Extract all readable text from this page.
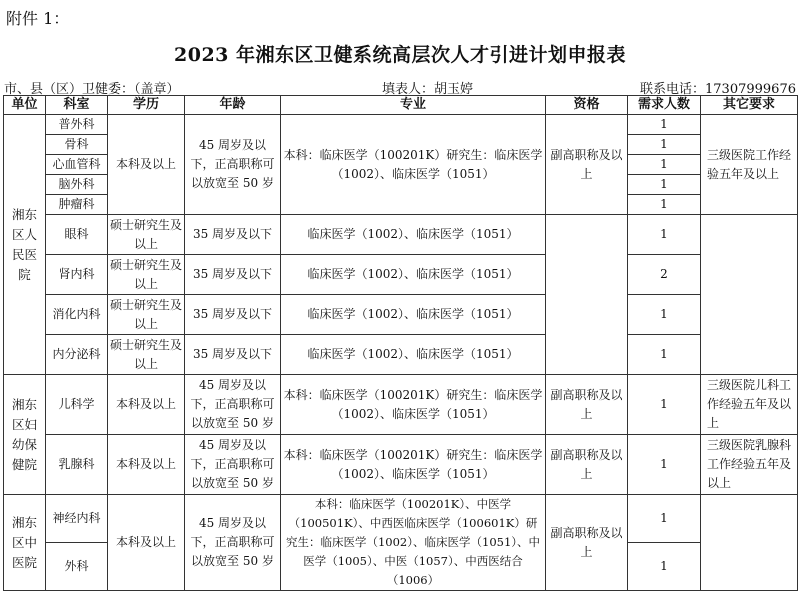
附件 1：
2023 年湘东区卫健系统高层次人才引进计划申报表
市、县（区）卫健委：（盖章）	填表人：胡玉婷	联系电话：17307999676
单位	科室	学历	年龄	专业	资格	需求人数	其它要求
湘东区人民医院	普外科	本科及以上	45 周岁及以下，正高职称可以放宽至 50 岁	本科：临床医学（100201K）研究生：临床医学（1002）、临床医学（1051）	副高职称及以上	1	三级医院工作经验五年及以上
	骨科					1	
	心血管科					1	
	脑外科					1	
	肿瘤科					1	
	眼科	硕士研究生及以上	35 周岁及以下	临床医学（1002）、临床医学（1051）		1	
	肾内科	硕士研究生及以上	35 周岁及以下	临床医学（1002）、临床医学（1051）		2	
	消化内科	硕士研究生及以上	35 周岁及以下	临床医学（1002）、临床医学（1051）		1	
	内分泌科	硕士研究生及以上	35 周岁及以下	临床医学（1002）、临床医学（1051）		1	
湘东区妇幼保健院	儿科学	本科及以上	45 周岁及以下，正高职称可以放宽至 50 岁	本科：临床医学（100201K）研究生：临床医学（1002）、临床医学（1051）	副高职称及以上	1	三级医院儿科工作经验五年及以上
	乳腺科	本科及以上	45 周岁及以下，正高职称可以放宽至 50 岁	本科：临床医学（100201K）研究生：临床医学（1002）、临床医学（1051）	副高职称及以上	1	三级医院乳腺科工作经验五年及以上
湘东区中医院	神经内科	本科及以上	45 周岁及以下，正高职称可以放宽至 50 岁	本科：临床医学（100201K）、中医学（100501K）、中西医临床医学（100601K）研究生：临床医学（1002）、临床医学（1051）、中医学（1005）、中医（1057）、中西医结合（1006）	副高职称及以上	1	
	外科					1	
